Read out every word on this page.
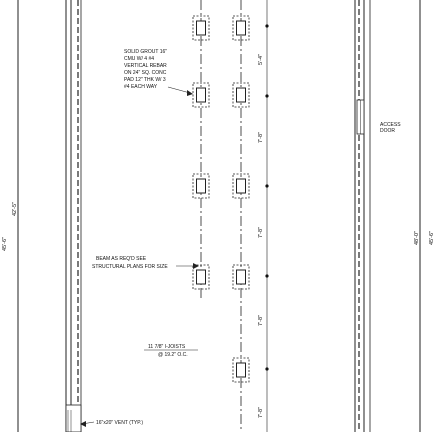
SOLID GROUT 16"
CMU W/ 4 #4
VERTICAL REBAR
ON 24" SQ. CONC
PAD 12" THK W/ 3
#4 EACH WAY
BEAM AS REQ'D SEE
STRUCTURAL PLANS FOR SIZE
11 7/8" I-JOISTS
@ 19.2" O.C.
ACCESS
DOOR
16"x20" VENT (TYP.)
5'-4"
7'-8"
7'-8"
7'-8"
7'-8"
42'-5"
45'-6"	48'-0" 45'-6"
